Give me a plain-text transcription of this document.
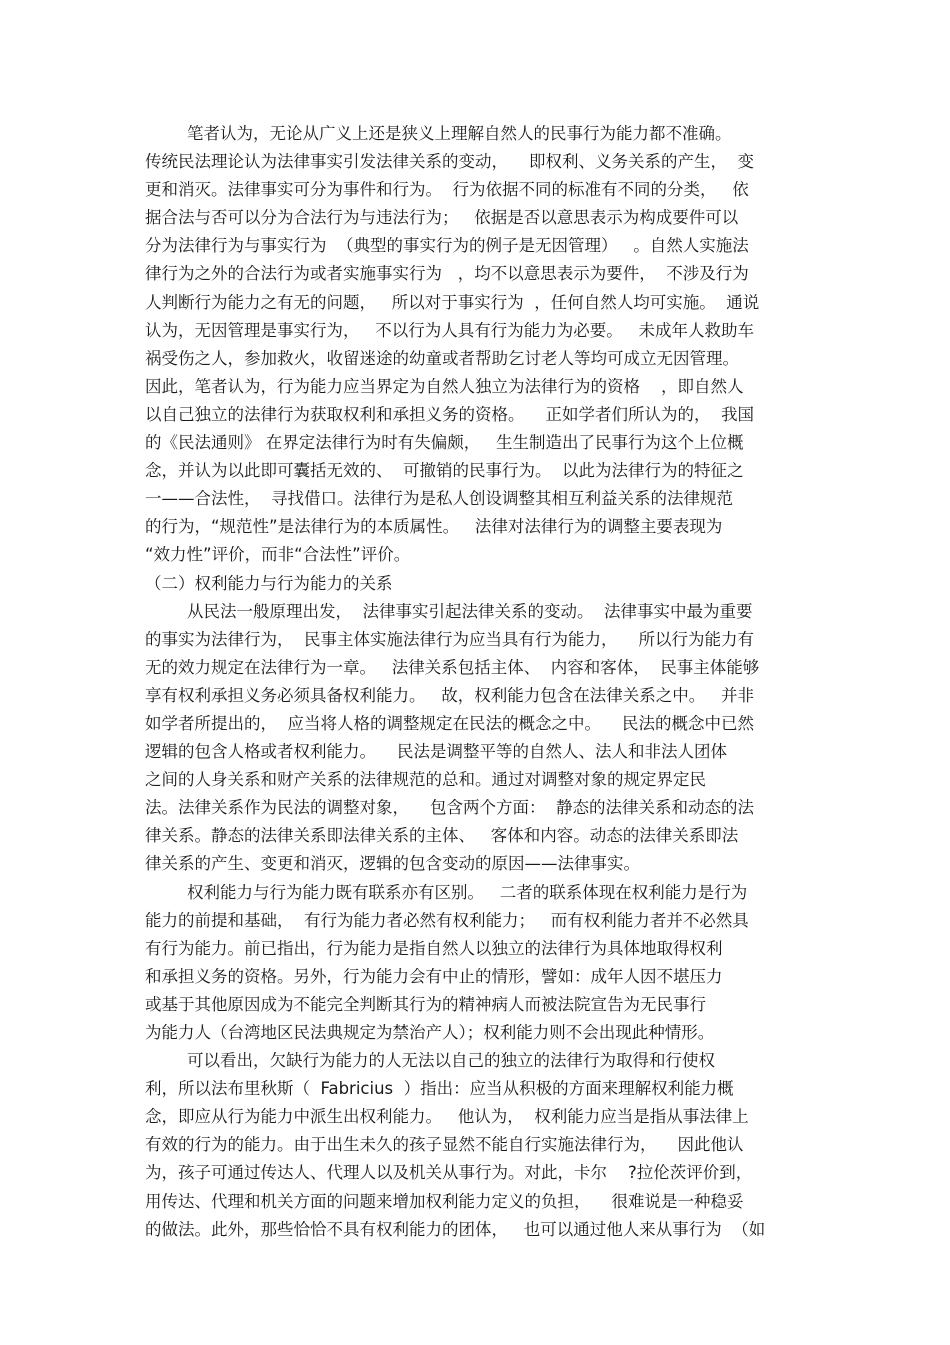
笔者认为，无论从广义上还是狭义上理解自然人的民事行为能力都不准确。
传统民法理论认为法律事实引发法律关系的变动，    即权利、义务关系的产生，  变
更和消灭。法律事实可分为事件和行为。  行为依据不同的标准有不同的分类，   依
据合法与否可以分为合法行为与违法行为；   依据是否以意思表示为构成要件可以
分为法律行为与事实行为  （典型的事实行为的例子是无因管理）   。自然人实施法
律行为之外的合法行为或者实施事实行为   ，均不以意思表示为要件，  不涉及行为
人判断行为能力之有无的问题，   所以对于事实行为  ，任何自然人均可实施。  通说
认为，无因管理是事实行为，   不以行为人具有行为能力为必要。   未成年人救助车
祸受伤之人，参加救火，收留迷途的幼童或者帮助乞讨老人等均可成立无因管理。
因此，笔者认为，行为能力应当界定为自然人独立为法律行为的资格    ，即自然人
以自己独立的法律行为获取权利和承担义务的资格。    正如学者们所认为的，  我国
的《民法通则》 在界定法律行为时有失偏颇，   生生制造出了民事行为这个上位概
念，并认为以此即可囊括无效的、  可撤销的民事行为。  以此为法律行为的特征之
一——合法性，  寻找借口。法律行为是私人创设调整其相互利益关系的法律规范
的行为，“规范性”是法律行为的本质属性。   法律对法律行为的调整主要表现为
“效力性”评价，而非“合法性”评价。
（二）权利能力与行为能力的关系
从民法一般原理出发，  法律事实引起法律关系的变动。  法律事实中最为重要
的事实为法律行为，  民事主体实施法律行为应当具有行为能力，    所以行为能力有
无的效力规定在法律行为一章。   法律关系包括主体、  内容和客体，  民事主体能够
享有权利承担义务必须具备权利能力。   故，权利能力包含在法律关系之中。   并非
如学者所提出的，  应当将人格的调整规定在民法的概念之中。    民法的概念中已然
逻辑的包含人格或者权利能力。    民法是调整平等的自然人、法人和非法人团体
之间的人身关系和财产关系的法律规范的总和。通过对调整对象的规定界定民
法。法律关系作为民法的调整对象，    包含两个方面：  静态的法律关系和动态的法
律关系。静态的法律关系即法律关系的主体、   客体和内容。动态的法律关系即法
律关系的产生、变更和消灭，逻辑的包含变动的原因——法律事实。
权利能力与行为能力既有联系亦有区别。   二者的联系体现在权利能力是行为
能力的前提和基础，  有行为能力者必然有权利能力；   而有权利能力者并不必然具
有行为能力。前已指出，行为能力是指自然人以独立的法律行为具体地取得权利
和承担义务的资格。另外，行为能力会有中止的情形，譬如：成年人因不堪压力
或基于其他原因成为不能完全判断其行为的精神病人而被法院宣告为无民事行
为能力人（台湾地区民法典规定为禁治产人）；权利能力则不会出现此种情形。
可以看出，欠缺行为能力的人无法以自己的独立的法律行为取得和行使权
利，所以法布里秋斯（  Fabricius  ）指出：应当从积极的方面来理解权利能力概
念，即应从行为能力中派生出权利能力。   他认为，  权利能力应当是指从事法律上
有效的行为的能力。由于出生未久的孩子显然不能自行实施法律行为，    因此他认
为，孩子可通过传达人、代理人以及机关从事行为。对此，卡尔    ?拉伦茨评价到，
用传达、代理和机关方面的问题来增加权利能力定义的负担，    很难说是一种稳妥
的做法。此外，那些恰恰不具有权利能力的团体，   也可以通过他人来从事行为  （如
